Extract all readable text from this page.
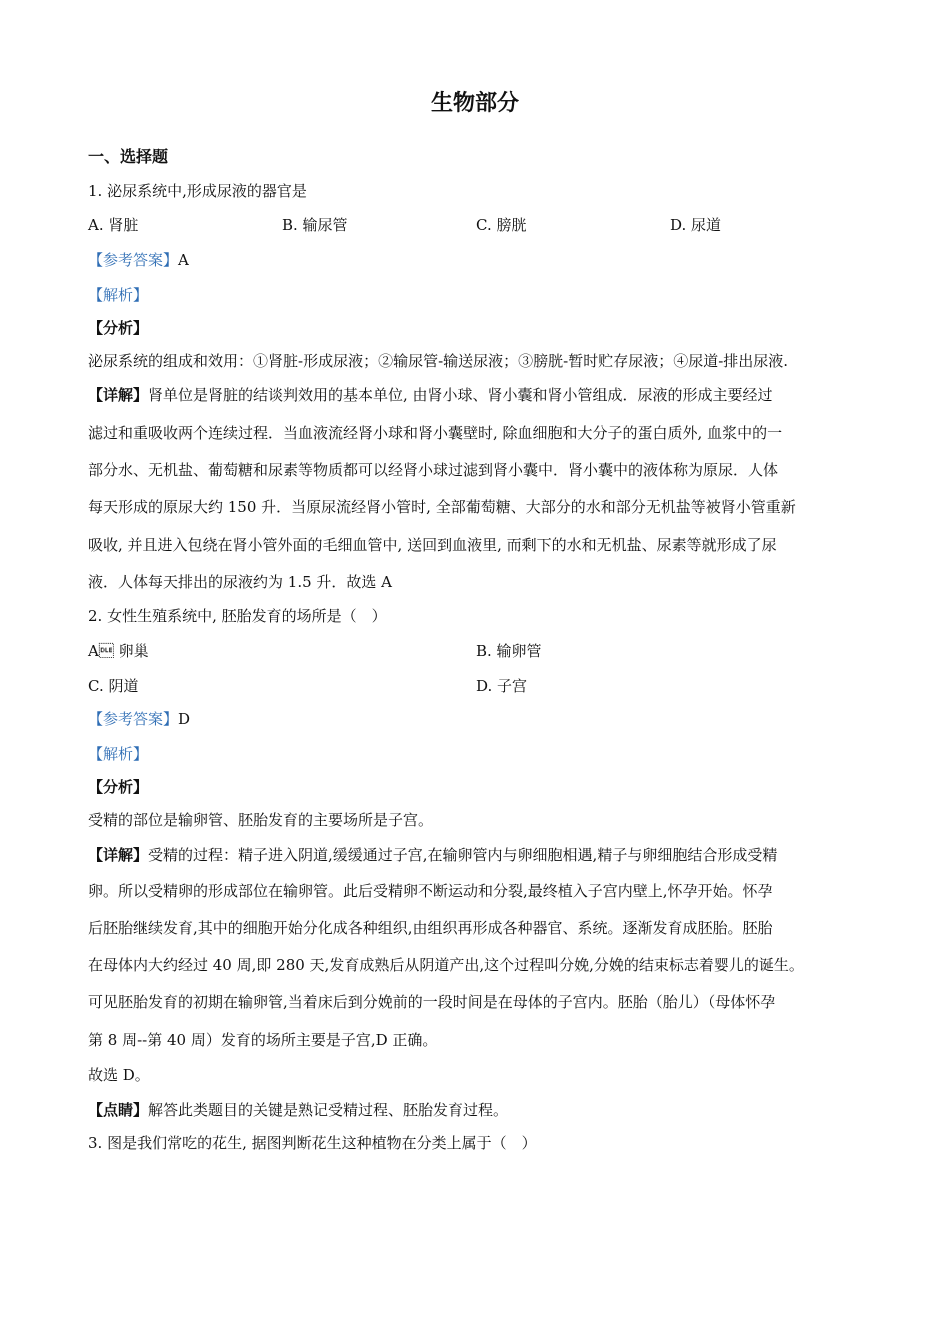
生物部分
一、选择题
1. 泌尿系统中,形成尿液的器官是
A. 肾脏	B. 输尿管	C. 膀胱	D. 尿道
【参考答案】A
【解析】
【分析】
泌尿系统的组成和效用：①肾脏-形成尿液；②输尿管-输送尿液；③膀胱-暂时贮存尿液；④尿道-排出尿液.
【详解】肾单位是肾脏的结谈判效用的基本单位, 由肾小球、肾小囊和肾小管组成．尿液的形成主要经过
滤过和重吸收两个连续过程．当血液流经肾小球和肾小囊壁时, 除血细胞和大分子的蛋白质外, 血浆中的一
部分水、无机盐、葡萄糖和尿素等物质都可以经肾小球过滤到肾小囊中．肾小囊中的液体称为原尿．人体
每天形成的原尿大约 150 升．当原尿流经肾小管时, 全部葡萄糖、大部分的水和部分无机盐等被肾小管重新
吸收, 并且进入包绕在肾小管外面的毛细血管中, 送回到血液里, 而剩下的水和无机盐、尿素等就形成了尿
液．人体每天排出的尿液约为 1.5 升．故选 A
2. 女性生殖系统中, 胚胎发育的场所是（　）
A 卵巢	B. 输卵管
C. 阴道	D. 子宫
【参考答案】D
【解析】
【分析】
受精的部位是输卵管、胚胎发育的主要场所是子宫。
【详解】受精的过程：精子进入阴道,缓缓通过子宫,在输卵管内与卵细胞相遇,精子与卵细胞结合形成受精
卵。所以受精卵的形成部位在输卵管。此后受精卵不断运动和分裂,最终植入子宫内壁上,怀孕开始。怀孕
后胚胎继续发育,其中的细胞开始分化成各种组织,由组织再形成各种器官、系统。逐渐发育成胚胎。胚胎
在母体内大约经过 40 周,即 280 天,发育成熟后从阴道产出,这个过程叫分娩,分娩的结束标志着婴儿的诞生。
可见胚胎发育的初期在输卵管,当着床后到分娩前的一段时间是在母体的子宫内。胚胎（胎儿）（母体怀孕
第 8 周--第 40 周）发育的场所主要是子宫,D 正确。
故选 D。
【点睛】解答此类题目的关键是熟记受精过程、胚胎发育过程。
3. 图是我们常吃的花生, 据图判断花生这种植物在分类上属于（　）
